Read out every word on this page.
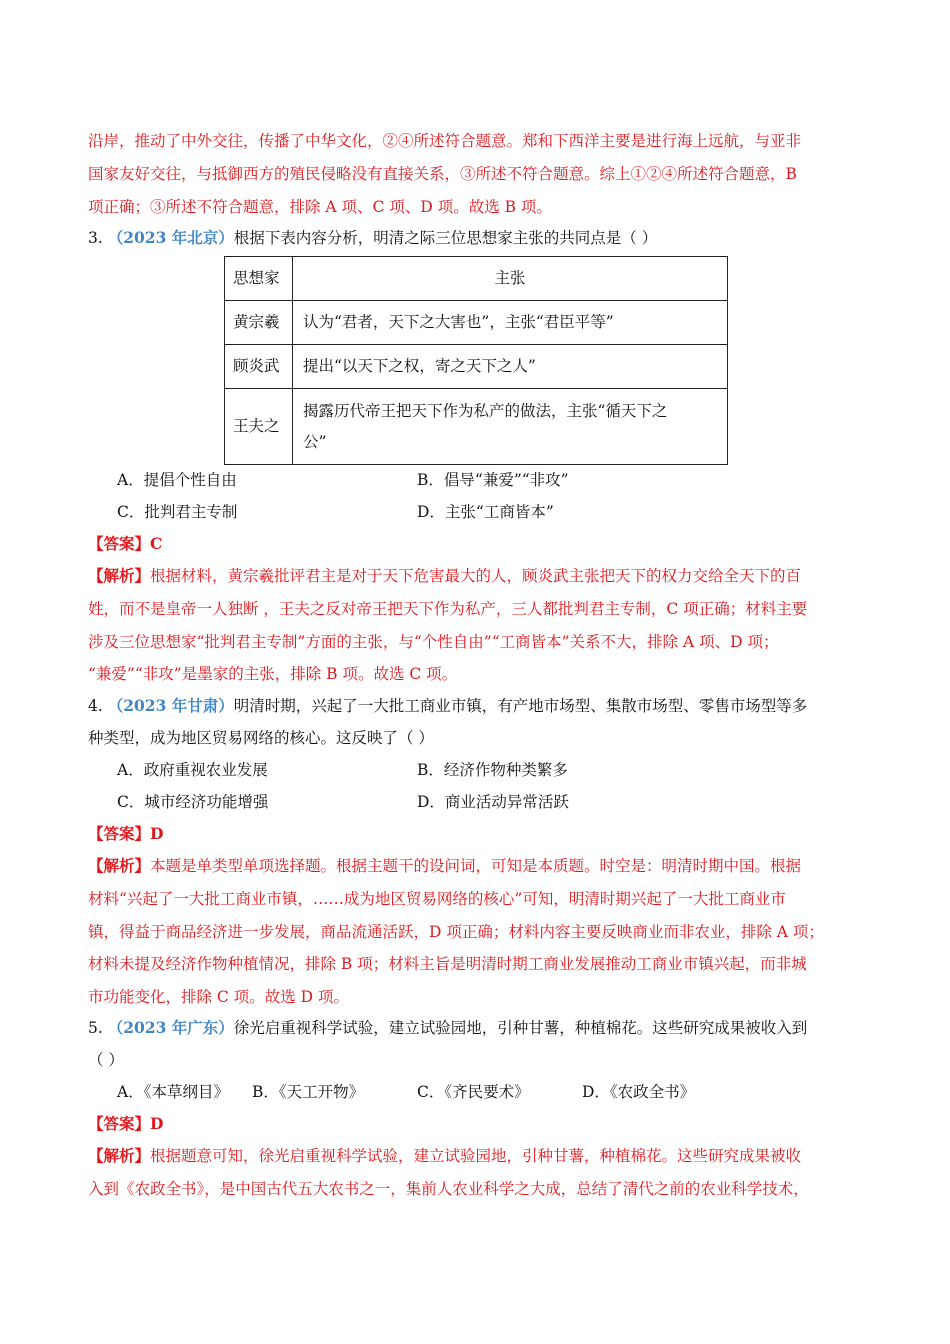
沿岸，推动了中外交往，传播了中华文化，②④所述符合题意。郑和下西洋主要是进行海上远航，与亚非
国家友好交往，与抵御西方的殖民侵略没有直接关系，③所述不符合题意。综上①②④所述符合题意，B
项正确；③所述不符合题意，排除 A 项、C 项、D 项。故选 B 项。
3. （2023 年北京）根据下表内容分析，明清之际三位思想家主张的共同点是（ ）
思想家	主张
黄宗羲	认为“君者，天下之大害也”，主张“君臣平等”
顾炎武	提出“以天下之权，寄之天下之人”
王夫之	揭露历代帝王把天下作为私产的做法，主张“循天下之
公”
A．提倡个性自由	B．倡导“兼爱”“非攻”
C．批判君主专制	D．主张“工商皆本”
【答案】C
【解析】根据材料，黄宗羲批评君主是对于天下危害最大的人，顾炎武主张把天下的权力交给全天下的百
姓，而不是皇帝一人独断 ，王夫之反对帝王把天下作为私产，三人都批判君主专制，C 项正确；材料主要
涉及三位思想家“批判君主专制”方面的主张，与“个性自由”“工商皆本”关系不大，排除 A 项、D 项；
“兼爱”“非攻”是墨家的主张，排除 B 项。故选 C 项。
4. （2023 年甘肃）明清时期，兴起了一大批工商业市镇，有产地市场型、集散市场型、零售市场型等多
种类型，成为地区贸易网络的核心。这反映了（ ）
A．政府重视农业发展	B．经济作物种类繁多
C．城市经济功能增强	D．商业活动异常活跃
【答案】D
【解析】本题是单类型单项选择题。根据主题干的设问词，可知是本质题。时空是：明清时期中国。根据
材料“兴起了一大批工商业市镇，……成为地区贸易网络的核心”可知，明清时期兴起了一大批工商业市
镇，得益于商品经济进一步发展，商品流通活跃，D 项正确；材料内容主要反映商业而非农业，排除 A 项；
材料未提及经济作物种植情况，排除 B 项；材料主旨是明清时期工商业发展推动工商业市镇兴起，而非城
市功能变化，排除 C 项。故选 D 项。
5. （2023 年广东）徐光启重视科学试验，建立试验园地，引种甘薯，种植棉花。这些研究成果被收入到
（ ）
A．《本草纲目》 B．《天工开物》	C．《齐民要术》	D．《农政全书》
【答案】D
【解析】根据题意可知，徐光启重视科学试验，建立试验园地，引种甘薯，种植棉花。这些研究成果被收
入到《农政全书》，是中国古代五大农书之一，集前人农业科学之大成，总结了清代之前的农业科学技术，
